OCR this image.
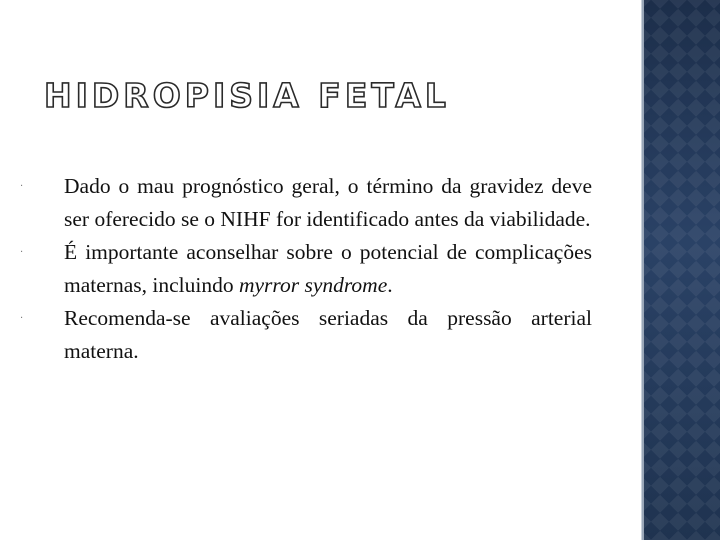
HIDROPISIA FETAL
·	Dado o mau prognóstico geral, o término da gravidez deve ser oferecido se o NIHF for identificado antes da viabilidade.
·	É importante aconselhar sobre o potencial de complicações maternas, incluindo myrror syndrome.
·	Recomenda-se avaliações seriadas da pressão arterial materna.
